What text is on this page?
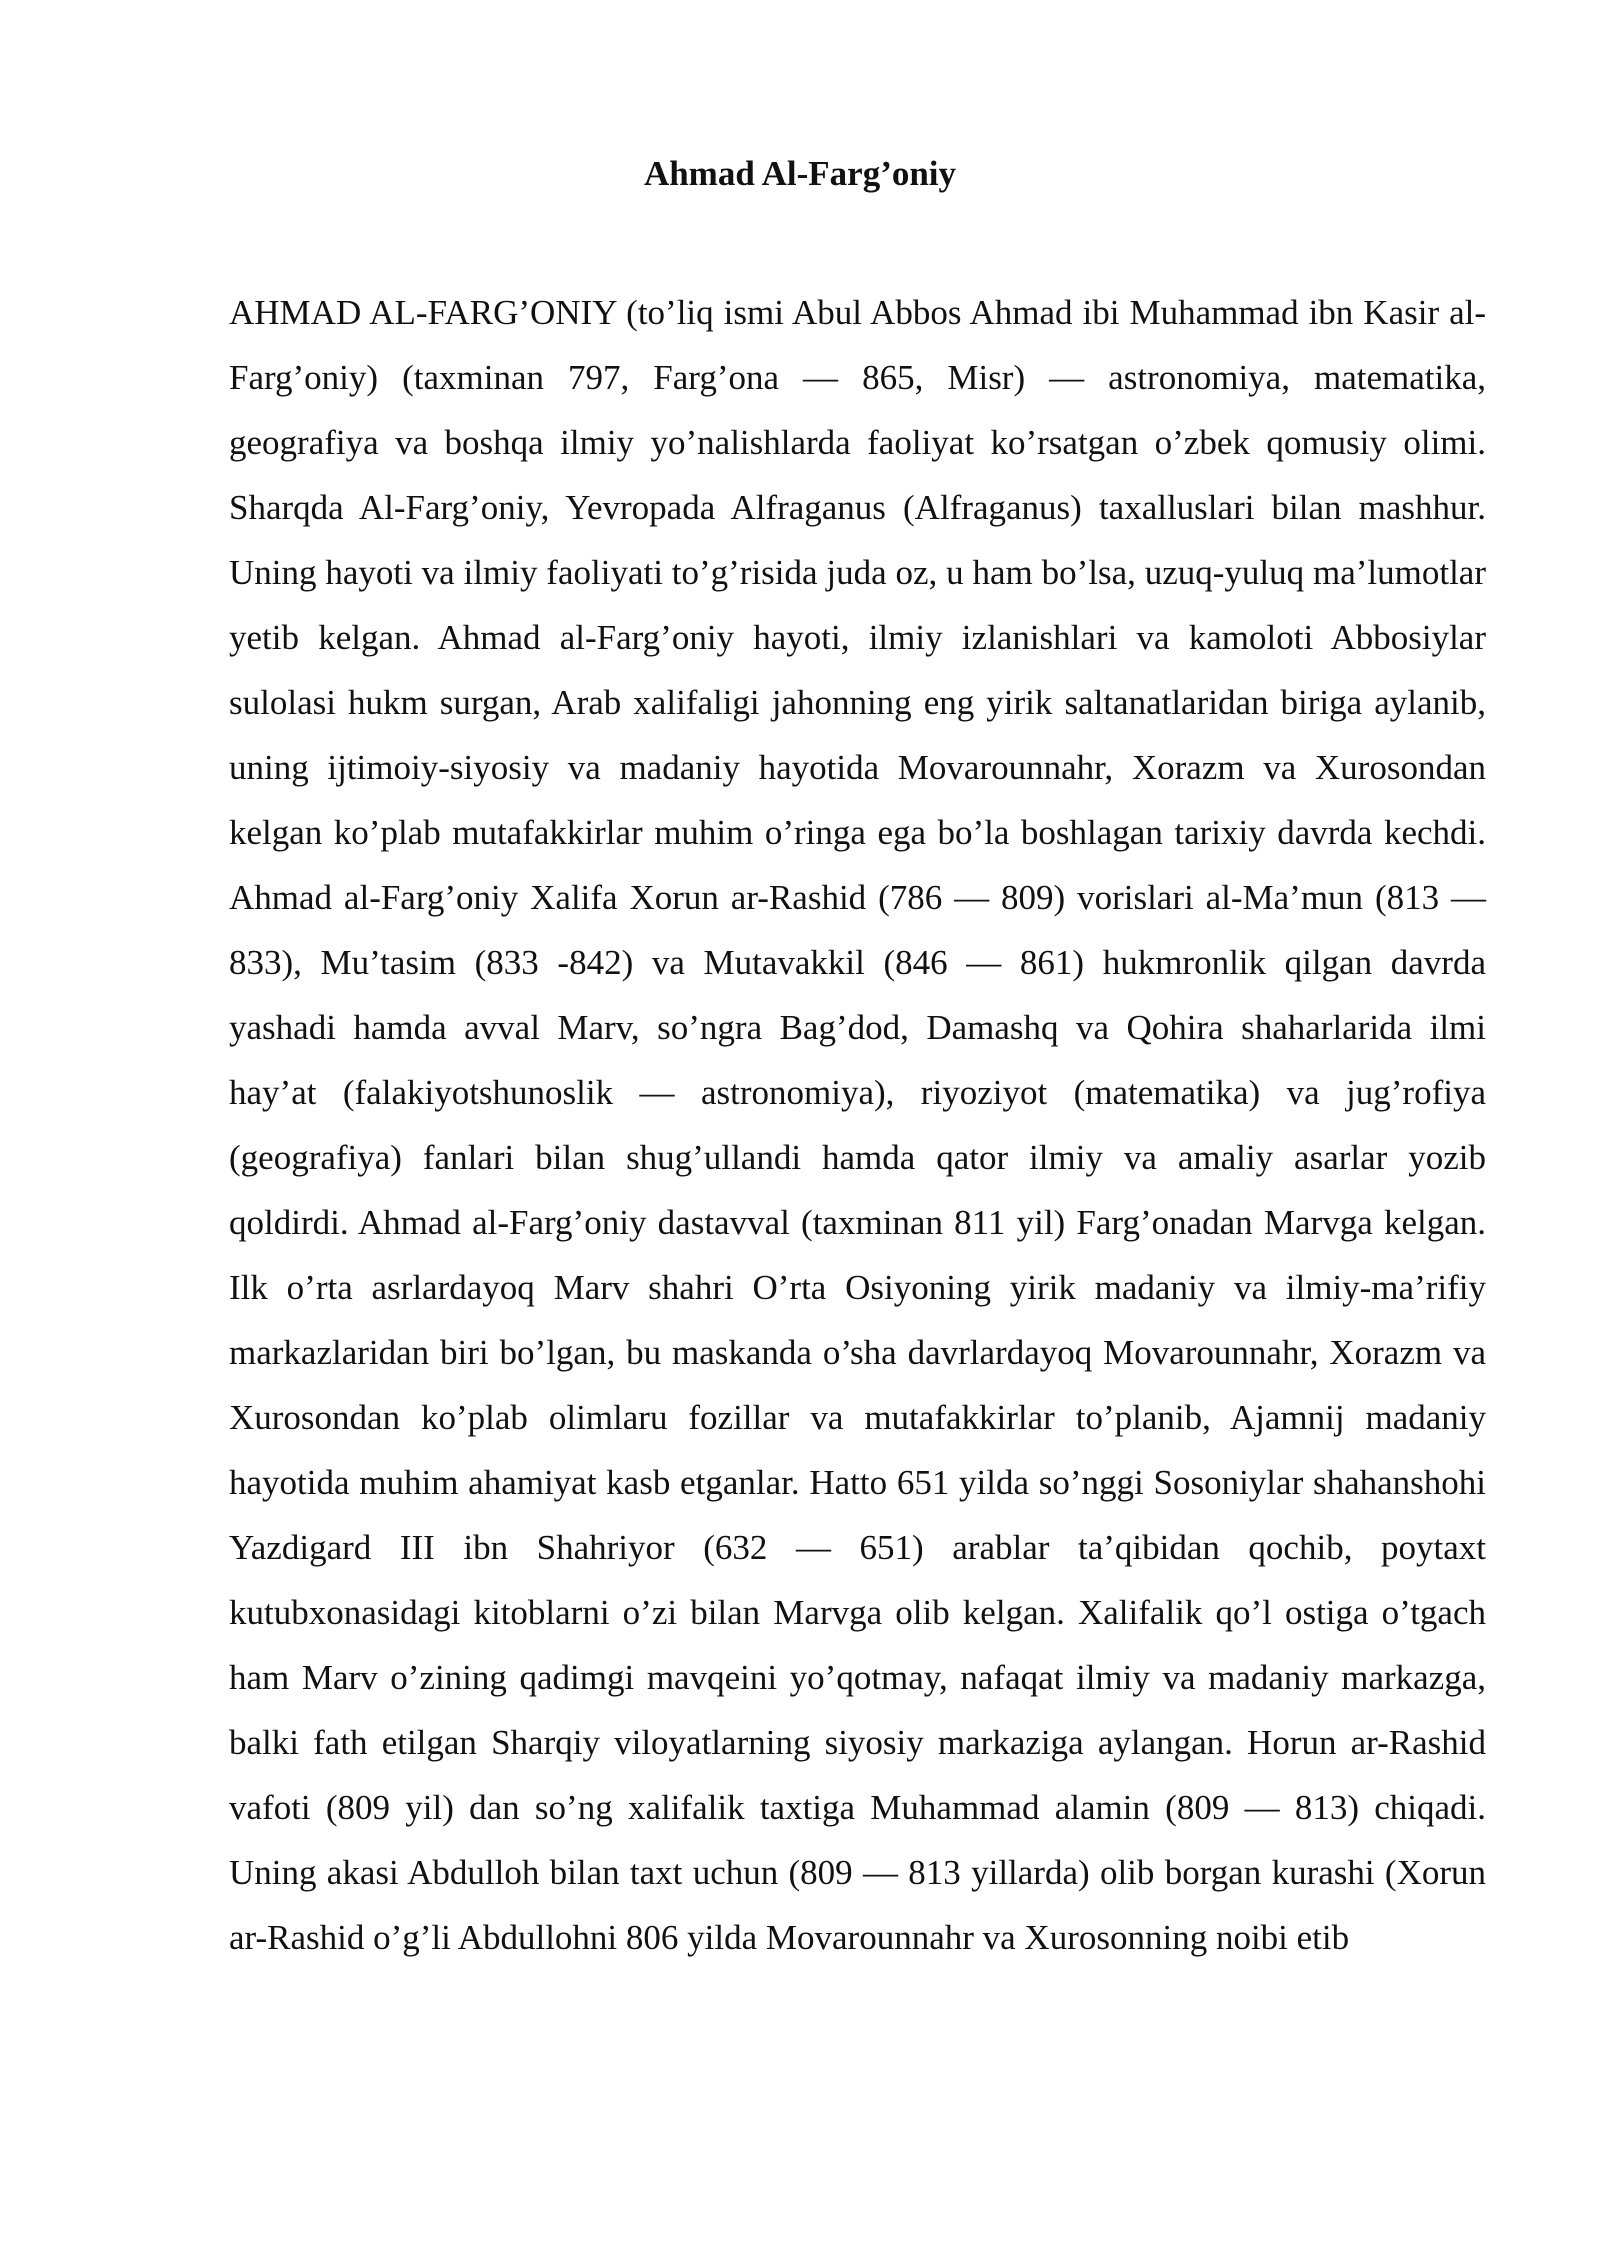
Ahmad Al-Farg’oniy

AHMAD AL-FARG’ONIY (to’liq ismi Abul Abbos Ahmad ibi Muhammad ibn Kasir al-Farg’oniy) (taxminan 797, Farg’ona — 865, Misr) — astronomiya, matematika, geografiya va boshqa ilmiy yo’nalishlarda faoliyat ko’rsatgan o’zbek qomusiy olimi. Sharqda Al-Farg’oniy, Yevropada Alfraganus (Alfraganus) taxalluslari bilan mashhur. Uning hayoti va ilmiy faoliyati to’g’risida juda oz, u ham bo’lsa, uzuq-yuluq ma’lumotlar yetib kelgan. Ahmad al-Farg’oniy hayoti, ilmiy izlanishlari va kamoloti Abbosiylar sulolasi hukm surgan, Arab xalifaligi jahonning eng yirik saltanatlaridan biriga aylanib, uning ijtimoiy-siyosiy va madaniy hayotida Movarounnahr, Xorazm va Xurosondan kelgan ko’plab mutafakkirlar muhim o’ringa ega bo’la boshlagan tarixiy davrda kechdi. Ahmad al-Farg’oniy Xalifa Xorun ar-Rashid (786 — 809) vorislari al-Ma’mun (813 — 833), Mu’tasim (833 -842) va Mutavakkil (846 — 861) hukmronlik qilgan davrda yashadi hamda avval Marv, so’ngra Bag’dod, Damashq va Qohira shaharlarida ilmi hay’at (falakiyotshunoslik — astronomiya), riyoziyot (matematika) va jug’rofiya (geografiya) fanlari bilan shug’ullandi hamda qator ilmiy va amaliy asarlar yozib qoldirdi. Ahmad al-Farg’oniy dastavval (taxminan 811 yil) Farg’onadan Marvga kelgan. Ilk o’rta asrlardayoq Marv shahri O’rta Osiyoning yirik madaniy va ilmiy-ma’rifiy markazlaridan biri bo’lgan, bu maskanda o’sha davrlardayoq Movarounnahr, Xorazm va Xurosondan ko’plab olimlaru fozillar va mutafakkirlar to’planib, Ajamnij madaniy hayotida muhim ahamiyat kasb etganlar. Hatto 651 yilda so’nggi Sosoniylar shahanshohi Yazdigard III ibn Shahriyor (632 — 651) arablar ta’qibidan qochib, poytaxt kutubxonasidagi kitoblarni o’zi bilan Marvga olib kelgan. Xalifalik qo’l ostiga o’tgach ham Marv o’zining qadimgi mavqeini yo’qotmay, nafaqat ilmiy va madaniy markazga, balki fath etilgan Sharqiy viloyatlarning siyosiy markaziga aylangan. Horun ar-Rashid vafoti (809 yil) dan so’ng xalifalik taxtiga Muhammad alamin (809 — 813) chiqadi. Uning akasi Abdulloh bilan taxt uchun (809 — 813 yillarda) olib borgan kurashi (Xorun ar-Rashid o’g’li Abdullohni 806 yilda Movarounnahr va Xurosonning noibi etib
